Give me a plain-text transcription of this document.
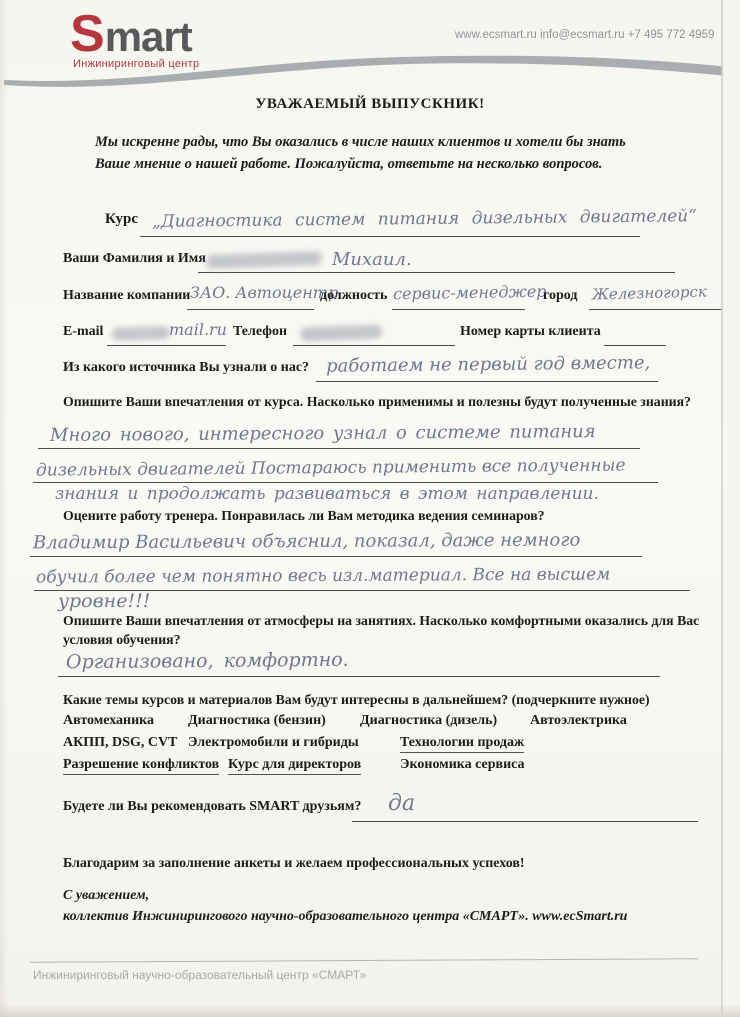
Smart
Инжиниринговый центр
www.ecsmart.ru info@ecsmart.ru +7 495 772 4959
УВАЖАЕМЫЙ ВЫПУСКНИК!
Мы искренне рады, что Вы оказались в числе наших клиентов и хотели бы знать Ваше мнение о нашей работе. Пожалуйста, ответьте на несколько вопросов.
Курс „Диагностика систем питания дизельных двигателей“
Ваши Фамилия и Имя	Михаил.
Название компании ЗАО. Автоцентр
должность сервис-менеджер
город Железногорск
E-mail	mail.ru Телефон	Номер карты клиента
Из какого источника Вы узнали о нас? работаем не первый год вместе,
Опишите Ваши впечатления от курса. Насколько применимы и полезны будут полученные знания?
Много нового, интересного узнал о системе питания
дизельных двигателей Постараюсь применить все полученные
знания и продолжать развиваться в этом направлении.
Оцените работу тренера. Понравилась ли Вам методика ведения семинаров?
Владимир Васильевич объяснил, показал, даже немного
обучил более чем понятно весь изл.материал. Все на высшем
уровне!!!
Опишите Ваши впечатления от атмосферы на занятиях. Насколько комфортными оказались для Вас условия обучения?
Организовано, комфортно.
Какие темы курсов и материалов Вам будут интересны в дальнейшем? (подчеркните нужное)
Автомеханика Диагностика (бензин) Диагностика (дизель) Автоэлектрика
АКПП, DSG, CVT Электромобили и гибриды	Технологии продаж
Разрешение конфликтов Курс для директоров	Экономика сервиса
Будете ли Вы рекомендовать SMART друзьям? да
Благодарим за заполнение анкеты и желаем профессиональных успехов!
С уважением,
коллектив Инжинирингового научно-образовательного центра «СМАРТ». www.ecSmart.ru
Инжиниринговый научно-образовательный центр «СМАРТ»
